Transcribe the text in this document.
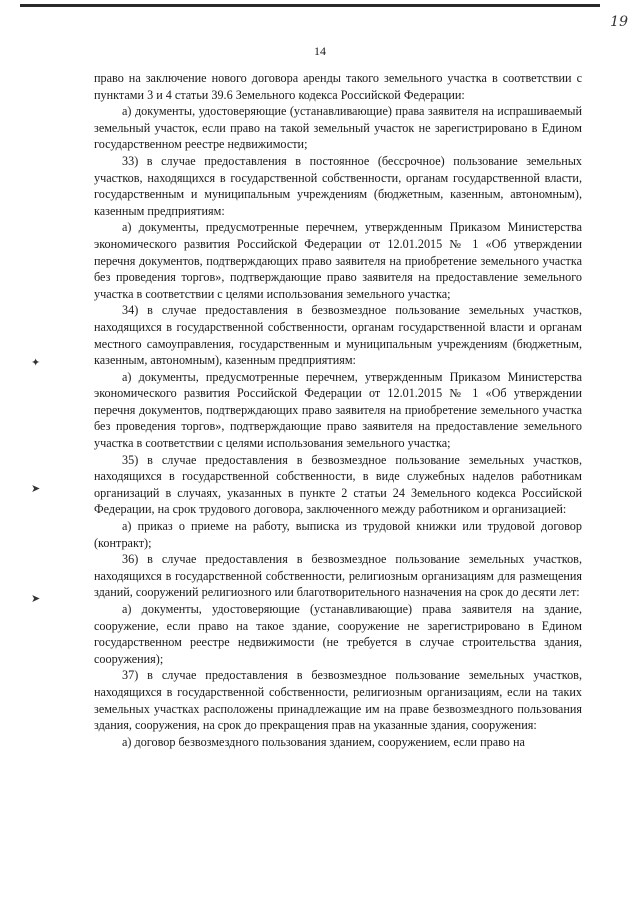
19
14
✦
➤
➤

право на заключение нового договора аренды такого земельного участка в соответствии с пунктами 3 и 4 статьи 39.6 Земельного кодекса Российской Федерации:

а) документы, удостоверяющие (устанавливающие) права заявителя на испрашиваемый земельный участок, если право на такой земельный участок не зарегистрировано в Едином государственном реестре недвижимости;

33) в случае предоставления в постоянное (бессрочное) пользование земельных участков, находящихся в государственной собственности, органам государственной власти, государственным и муниципальным учреждениям (бюджетным, казенным, автономным), казенным предприятиям:

а) документы, предусмотренные перечнем, утвержденным Приказом Министерства экономического развития Российской Федерации от 12.01.2015 № 1 «Об утверждении перечня документов, подтверждающих право заявителя на приобретение земельного участка без проведения торгов», подтверждающие право заявителя на предоставление земельного участка в соответствии с целями использования земельного участка;

34) в случае предоставления в безвозмездное пользование земельных участков, находящихся в государственной собственности, органам государственной власти и органам местного самоуправления, государственным и муниципальным учреждениям (бюджетным, казенным, автономным), казенным предприятиям:

а) документы, предусмотренные перечнем, утвержденным Приказом Министерства экономического развития Российской Федерации от 12.01.2015 № 1 «Об утверждении перечня документов, подтверждающих право заявителя на приобретение земельного участка без проведения торгов», подтверждающие право заявителя на предоставление земельного участка в соответствии с целями использования земельного участка;

35) в случае предоставления в безвозмездное пользование земельных участков, находящихся в государственной собственности, в виде служебных наделов работникам организаций в случаях, указанных в пункте 2 статьи 24 Земельного кодекса Российской Федерации, на срок трудового договора, заключенного между работником и организацией:

а) приказ о приеме на работу, выписка из трудовой книжки или трудовой договор (контракт);

36) в случае предоставления в безвозмездное пользование земельных участков, находящихся в государственной собственности, религиозным организациям для размещения зданий, сооружений религиозного или благотворительного назначения на срок до десяти лет:

а) документы, удостоверяющие (устанавливающие) права заявителя на здание, сооружение, если право на такое здание, сооружение не зарегистрировано в Едином государственном реестре недвижимости (не требуется в случае строительства здания, сооружения);

37) в случае предоставления в безвозмездное пользование земельных участков, находящихся в государственной собственности, религиозным организациям, если на таких земельных участках расположены принадлежащие им на праве безвозмездного пользования здания, сооружения, на срок до прекращения прав на указанные здания, сооружения:

а) договор безвозмездного пользования зданием, сооружением, если право на
